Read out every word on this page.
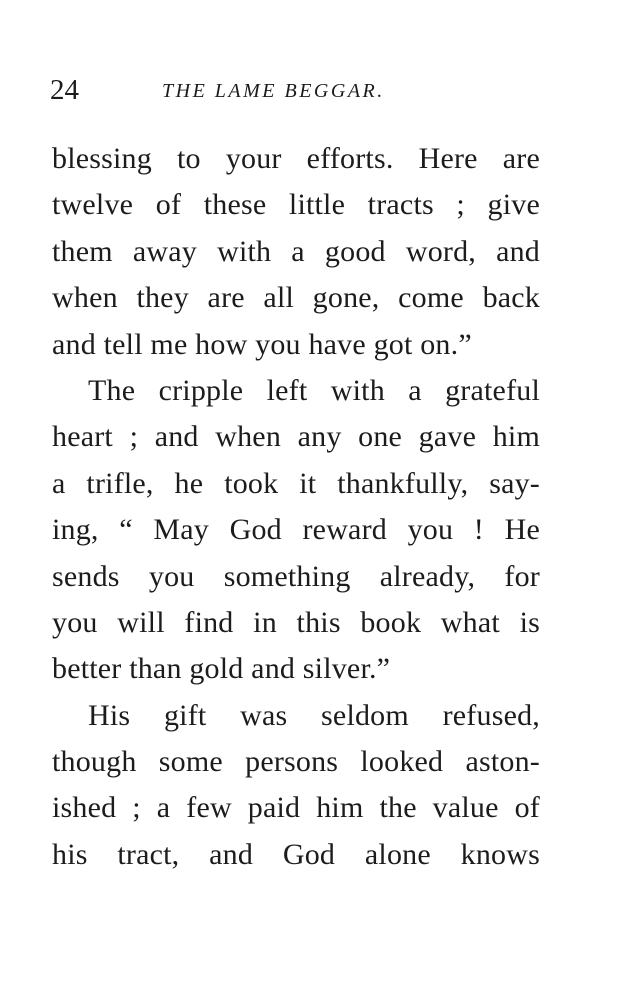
24	THE LAME BEGGAR.
blessing to your efforts. Here are
twelve of these little tracts ; give
them away with a good word, and
when they are all gone, come back
and tell me how you have got on.”
The cripple left with a grateful
heart ; and when any one gave him
a trifle, he took it thankfully, say-
ing, “ May God reward you ! He
sends you something already, for
you will find in this book what is
better than gold and silver.”
His gift was seldom refused,
though some persons looked aston-
ished ; a few paid him the value of
his tract, and God alone knows
